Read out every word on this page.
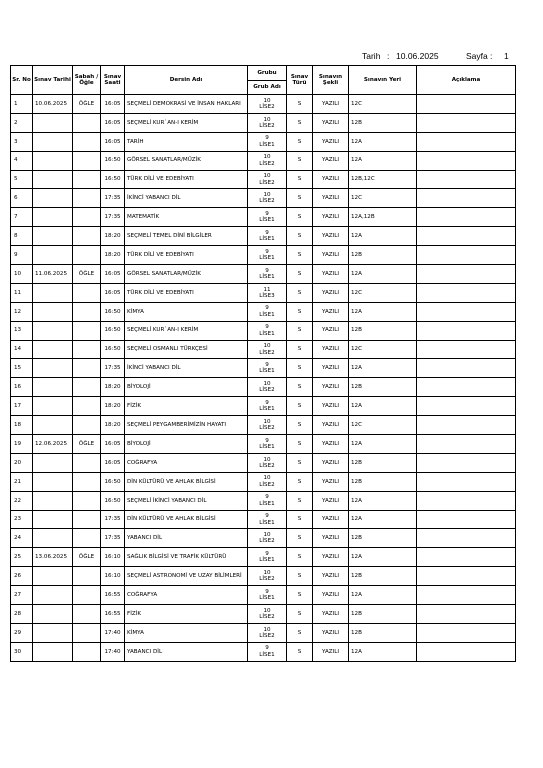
Tarih : 10.06.2025	Sayfa : 1
Sr. No	Sınav Tarihi	Sabah / Öğle	Sınav Saati	Dersin Adı	Grubu	Sınav Türü	Sınavın Şekli	Sınavın Yeri	Açıklama
					Grub Adı				
1	10.06.2025	ÖĞLE	16:05	SEÇMELİ DEMOKRASİ VE İNSAN HAKLARI	10
LİSE2	S	YAZILI	12C	
2			16:05	SEÇMELİ KUR`AN-I KERİM	10
LİSE2	S	YAZILI	12B	
3			16:05	TARİH	9
LİSE1	S	YAZILI	12A	
4			16:50	GÖRSEL SANATLAR/MÜZİK	10
LİSE2	S	YAZILI	12A	
5			16:50	TÜRK DİLİ VE EDEBİYATI	10
LİSE2	S	YAZILI	12B,12C	
6			17:35	İKİNCİ YABANCI DİL	10
LİSE2	S	YAZILI	12C	
7			17:35	MATEMATİK	9
LİSE1	S	YAZILI	12A,12B	
8			18:20	SEÇMELİ TEMEL DİNİ BİLGİLER	9
LİSE1	S	YAZILI	12A	
9			18:20	TÜRK DİLİ VE EDEBİYATI	9
LİSE1	S	YAZILI	12B	
10	11.06.2025	ÖĞLE	16:05	GÖRSEL SANATLAR/MÜZİK	9
LİSE1	S	YAZILI	12A	
11			16:05	TÜRK DİLİ VE EDEBİYATI	11
LİSE3	S	YAZILI	12C	
12			16:50	KİMYA	9
LİSE1	S	YAZILI	12A	
13			16:50	SEÇMELİ KUR`AN-I KERİM	9
LİSE1	S	YAZILI	12B	
14			16:50	SEÇMELİ OSMANLI TÜRKÇESİ	10
LİSE2	S	YAZILI	12C	
15			17:35	İKİNCİ YABANCI DİL	9
LİSE1	S	YAZILI	12A	
16			18:20	BİYOLOJİ	10
LİSE2	S	YAZILI	12B	
17			18:20	FİZİK	9
LİSE1	S	YAZILI	12A	
18			18:20	SEÇMELİ PEYGAMBERİMİZİN HAYATI	10
LİSE2	S	YAZILI	12C	
19	12.06.2025	ÖĞLE	16:05	BİYOLOJİ	9
LİSE1	S	YAZILI	12A	
20			16:05	COĞRAFYA	10
LİSE2	S	YAZILI	12B	
21			16:50	DİN KÜLTÜRÜ VE AHLAK BİLGİSİ	10
LİSE2	S	YAZILI	12B	
22			16:50	SEÇMELİ İKİNCİ YABANCI DİL	9
LİSE1	S	YAZILI	12A	
23			17:35	DİN KÜLTÜRÜ VE AHLAK BİLGİSİ	9
LİSE1	S	YAZILI	12A	
24			17:35	YABANCI DİL	10
LİSE2	S	YAZILI	12B	
25	13.06.2025	ÖĞLE	16:10	SAĞLIK BİLGİSİ VE TRAFİK KÜLTÜRÜ	9
LİSE1	S	YAZILI	12A	
26			16:10	SEÇMELİ ASTRONOMİ VE UZAY BİLİMLERİ	10
LİSE2	S	YAZILI	12B	
27			16:55	COĞRAFYA	9
LİSE1	S	YAZILI	12A	
28			16:55	FİZİK	10
LİSE2	S	YAZILI	12B	
29			17:40	KİMYA	10
LİSE2	S	YAZILI	12B	
30			17:40	YABANCI DİL	9
LİSE1	S	YAZILI	12A	
